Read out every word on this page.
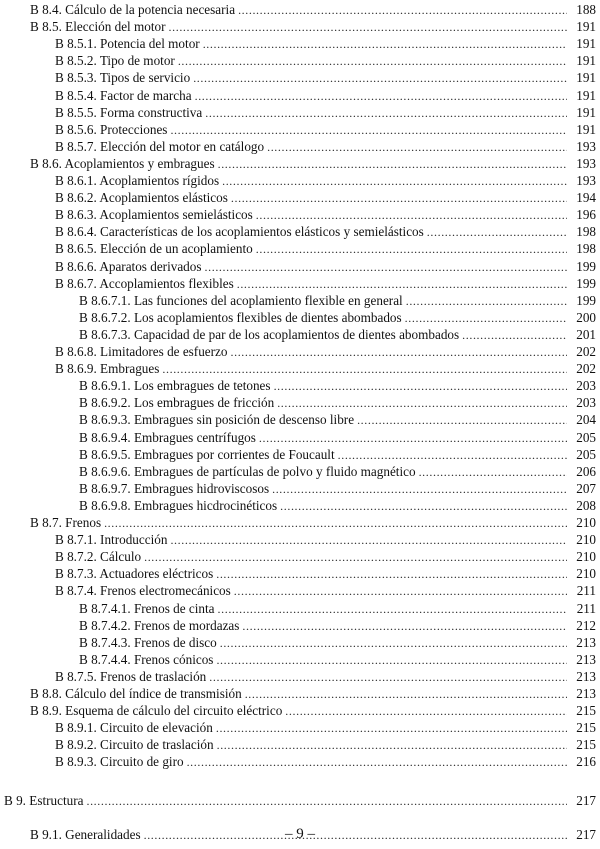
B 8.4. Cálculo de la potencia necesaria .....	188
B 8.5. Elección del motor .....	191
B 8.5.1. Potencia del motor .....	191
B 8.5.2. Tipo de motor .....	191
B 8.5.3. Tipos de servicio .....	191
B 8.5.4. Factor de marcha .....	191
B 8.5.5. Forma constructiva .....	191
B 8.5.6. Protecciones .....	191
B 8.5.7. Elección del motor en catálogo .....	193
B 8.6. Acoplamientos y embragues .....	193
B 8.6.1. Acoplamientos rígidos .....	193
B 8.6.2. Acoplamientos elásticos .....	194
B 8.6.3. Acoplamientos semielásticos .....	196
B 8.6.4. Características de los acoplamientos elásticos y semielásticos .....	198
B 8.6.5. Elección de un acoplamiento .....	198
B 8.6.6. Aparatos derivados .....	199
B 8.6.7. Accoplamientos flexibles .....	199
B 8.6.7.1. Las funciones del acoplamiento flexible en general .....	199
B 8.6.7.2. Los acoplamientos flexibles de dientes abombados .....	200
B 8.6.7.3. Capacidad de par de los acoplamientos de dientes abombados .....	201
B 8.6.8. Limitadores de esfuerzo .....	202
B 8.6.9. Embragues .....	202
B 8.6.9.1. Los embragues de tetones .....	203
B 8.6.9.2. Los embragues de fricción .....	203
B 8.6.9.3. Embragues sin posición de descenso libre .....	204
B 8.6.9.4. Embragues centrífugos .....	205
B 8.6.9.5. Embragues por corrientes de Foucault .....	205
B 8.6.9.6. Embragues de partículas de polvo y fluido magnético .....	206
B 8.6.9.7. Embragues hidroviscosos .....	207
B 8.6.9.8. Embragues hicdrocinéticos .....	208
B 8.7. Frenos .....	210
B 8.7.1. Introducción .....	210
B 8.7.2. Cálculo .....	210
B 8.7.3. Actuadores eléctricos .....	210
B 8.7.4. Frenos electromecánicos .....	211
B 8.7.4.1. Frenos de cinta .....	211
B 8.7.4.2. Frenos de mordazas .....	212
B 8.7.4.3. Frenos de disco .....	213
B 8.7.4.4. Frenos cónicos .....	213
B 8.7.5. Frenos de traslación .....	213
B 8.8. Cálculo del índice de transmisión .....	213
B 8.9. Esquema de cálculo del circuito eléctrico .....	215
B 8.9.1. Circuito de elevación .....	215
B 8.9.2. Circuito de traslación .....	215
B 8.9.3. Circuito de giro .....	216
B 9. Estructura .....	217
B 9.1. Generalidades .....	217
– 9 –
